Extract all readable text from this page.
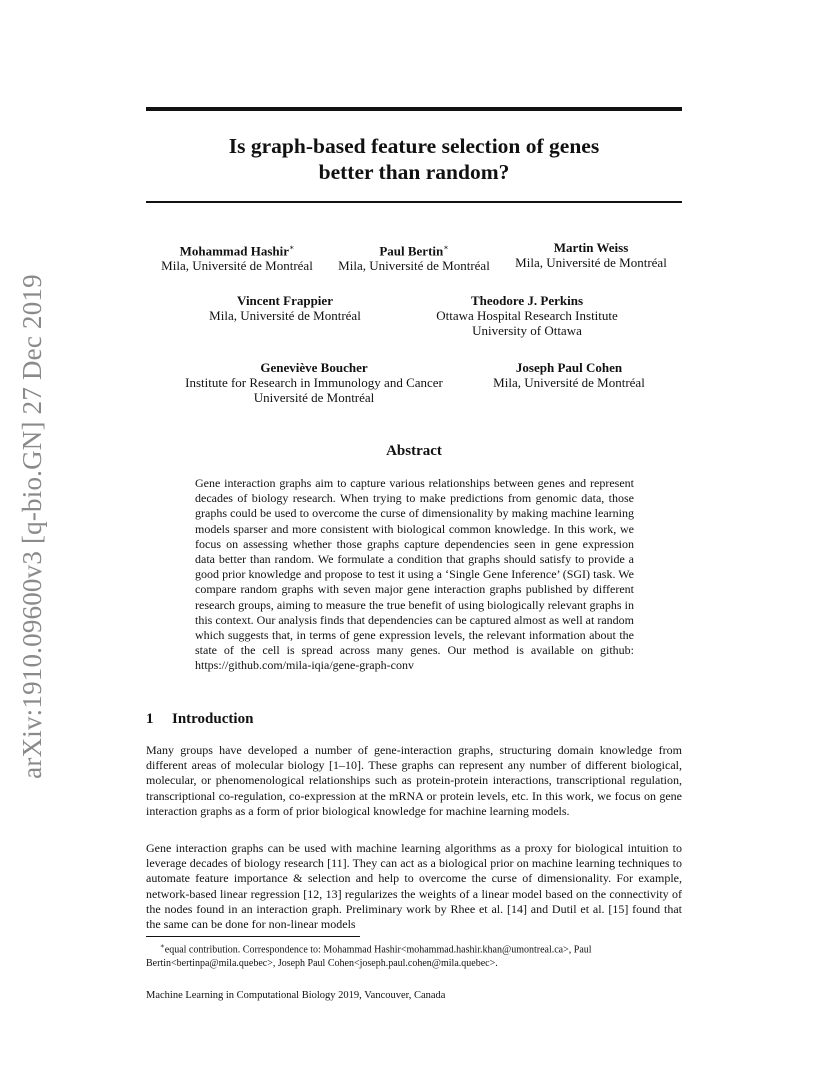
arXiv:1910.09600v3 [q-bio.GN] 27 Dec 2019
Is graph-based feature selection of genes
better than random?
Mohammad Hashir∗
Mila, Université de Montréal
Paul Bertin∗
Mila, Université de Montréal
Martin Weiss
Mila, Université de Montréal
Vincent Frappier
Mila, Université de Montréal
Theodore J. Perkins
Ottawa Hospital Research Institute
University of Ottawa
Geneviève Boucher
Institute for Research in Immunology and Cancer
Université de Montréal
Joseph Paul Cohen
Mila, Université de Montréal
Abstract

Gene interaction graphs aim to capture various relationships between genes and represent decades of biology research. When trying to make predictions from genomic data, those graphs could be used to overcome the curse of dimensionality by making machine learning models sparser and more consistent with biological common knowledge. In this work, we focus on assessing whether those graphs capture dependencies seen in gene expression data better than random. We formulate a condition that graphs should satisfy to provide a good prior knowledge and propose to test it using a ‘Single Gene Inference’ (SGI) task. We compare random graphs with seven major gene interaction graphs published by different research groups, aiming to measure the true benefit of using biologically relevant graphs in this context. Our analysis finds that dependencies can be captured almost as well at random which suggests that, in terms of gene expression levels, the relevant information about the state of the cell is spread across many genes. Our method is available on github: https://github.com/mila-iqia/gene-graph-conv

1 Introduction

Many groups have developed a number of gene-interaction graphs, structuring domain knowledge from different areas of molecular biology [1–10]. These graphs can represent any number of different biological, molecular, or phenomenological relationships such as protein-protein interactions, transcriptional regulation, transcriptional co-regulation, co-expression at the mRNA or protein levels, etc. In this work, we focus on gene interaction graphs as a form of prior biological knowledge for machine learning models.

Gene interaction graphs can be used with machine learning algorithms as a proxy for biological intuition to leverage decades of biology research [11]. They can act as a biological prior on machine learning techniques to automate feature importance & selection and help to overcome the curse of dimensionality. For example, network-based linear regression [12, 13] regularizes the weights of a linear model based on the connectivity of the nodes found in an interaction graph. Preliminary work by Rhee et al. [14] and Dutil et al. [15] found that the same can be done for non-linear models

∗equal contribution. Correspondence to: Mohammad Hashir<mohammad.hashir.khan@umontreal.ca>, Paul Bertin<bertinpa@mila.quebec>, Joseph Paul Cohen<joseph.paul.cohen@mila.quebec>.

Machine Learning in Computational Biology 2019, Vancouver, Canada
